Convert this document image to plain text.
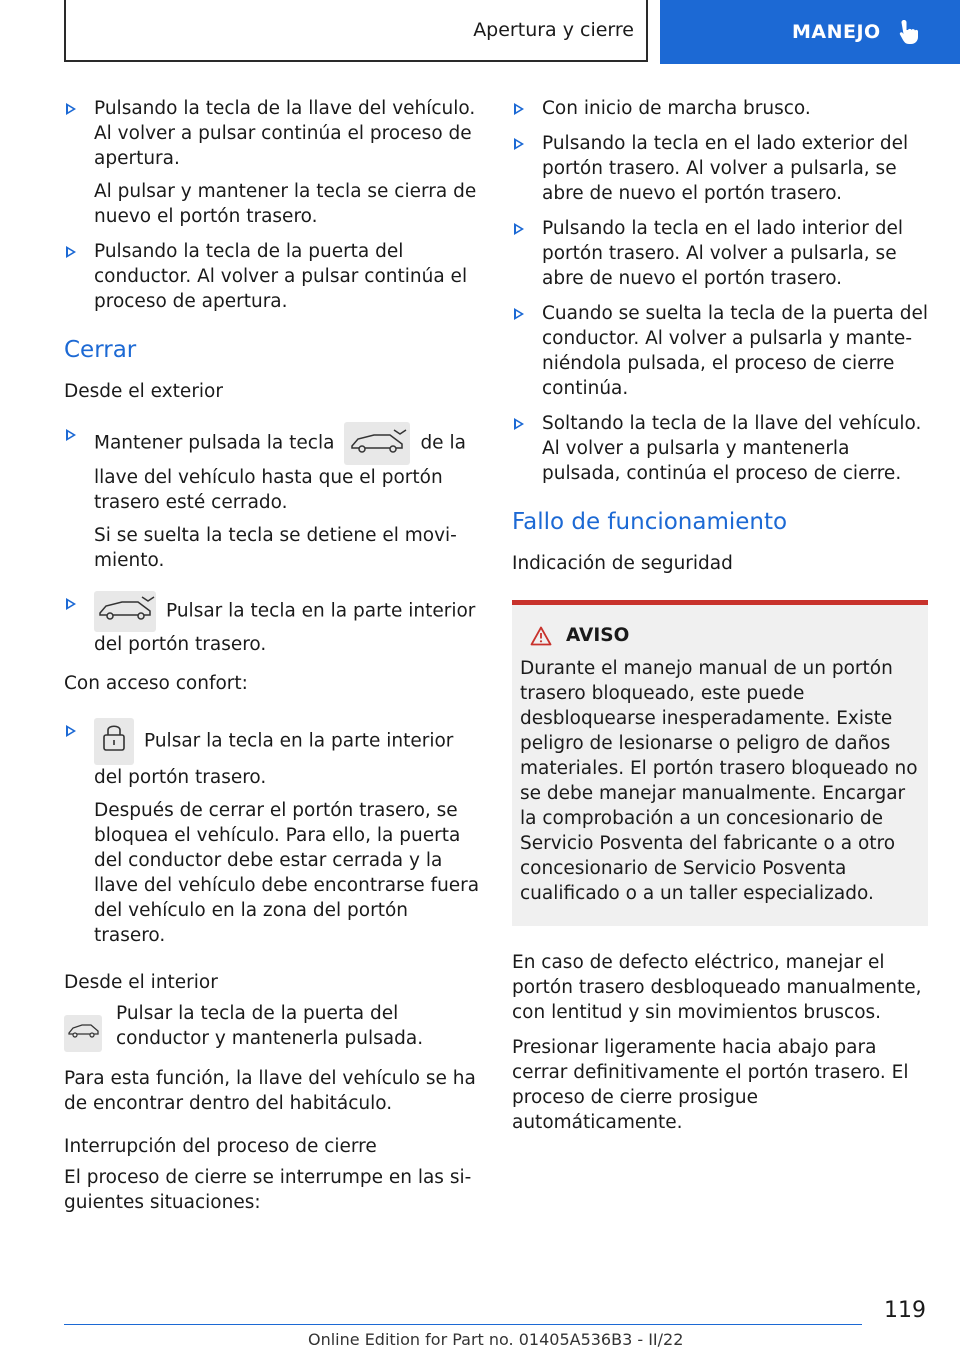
Apertura y cierre	MANEJO
Pulsando la tecla de la llave del vehículo. Al volver a pulsar continúa el proceso de apertura.
Al pulsar y mantener la tecla se cierra de nuevo el portón trasero.
Pulsando la tecla de la puerta del conductor. Al volver a pulsar continúa el proceso de apertura.
Cerrar
Desde el exterior
Mantener pulsada la tecla	de la llave del vehículo hasta que el portón trasero esté cerrado.
Si se suelta la tecla se detiene el movimiento.
Pulsar la tecla en la parte interior del portón trasero.

Con acceso confort:

Pulsar la tecla en la parte interior del portón trasero.
Después de cerrar el portón trasero, se bloquea el vehículo. Para ello, la puerta del conductor debe estar cerrada y la llave del vehículo debe encontrarse fuera del vehículo en la zona del portón trasero.
Desde el interior
Pulsar la tecla de la puerta del conductor y mantenerla pulsada.

Para esta función, la llave del vehículo se ha de encontrar dentro del habitáculo.

Interrupción del proceso de cierre

El proceso de cierre se interrumpe en las siguientes situaciones:

Con inicio de marcha brusco.
Pulsando la tecla en el lado exterior del portón trasero. Al volver a pulsarla, se abre de nuevo el portón trasero.
Pulsando la tecla en el lado interior del portón trasero. Al volver a pulsarla, se abre de nuevo el portón trasero.
Cuando se suelta la tecla de la puerta del conductor. Al volver a pulsarla y manteniéndola pulsada, el proceso de cierre continúa.
Soltando la tecla de la llave del vehículo. Al volver a pulsarla y mantenerla pulsada, continúa el proceso de cierre.
Fallo de funcionamiento
Indicación de seguridad
AVISO
Durante el manejo manual de un portón trasero bloqueado, este puede desbloquearse inesperadamente. Existe peligro de lesionarse o peligro de daños materiales. El portón trasero bloqueado no se debe manejar manualmente. Encargar la comprobación a un concesionario de Servicio Posventa del fabricante o a otro concesionario de Servicio Posventa cualificado o a un taller especializado.

En caso de defecto eléctrico, manejar el portón trasero desbloqueado manualmente, con lentitud y sin movimientos bruscos.

Presionar ligeramente hacia abajo para cerrar definitivamente el portón trasero. El proceso de cierre prosigue automáticamente.

119
Online Edition for Part no. 01405A536B3 - II/22
